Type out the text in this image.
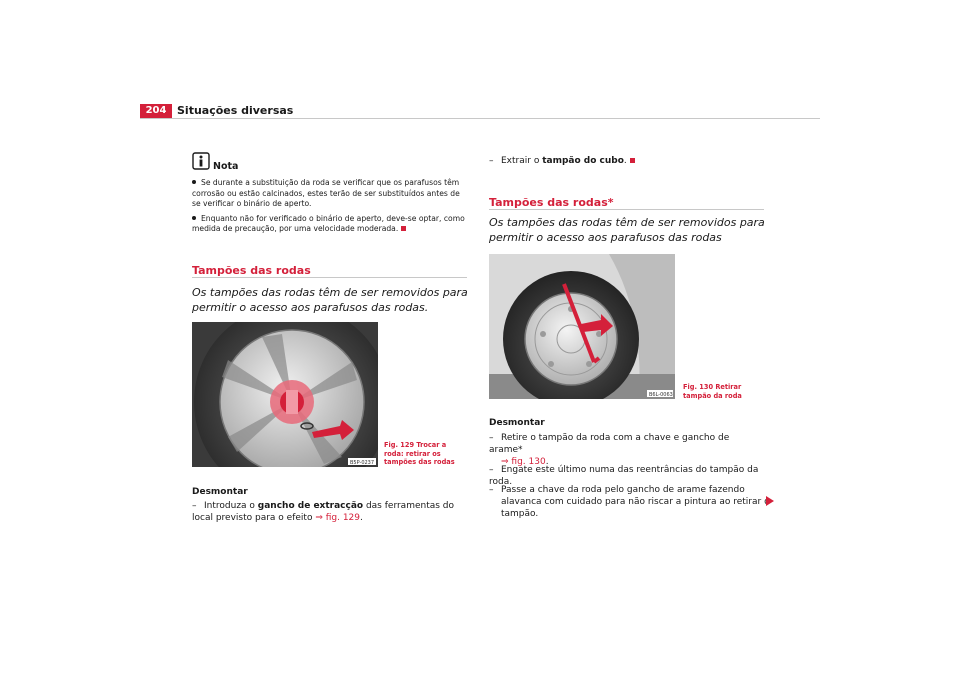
204 Situações diversas
Nota

Se durante a substituição da roda se verificar que os parafusos têm corrosão ou estão calcinados, estes terão de ser substituídos antes de se verificar o binário de aperto.

Enquanto não for verificado o binário de aperto, deve-se optar, como medida de precaução, por uma velocidade moderada.

Tampões das rodas
Os tampões das rodas têm de ser removidos para permitir o acesso aos parafusos das rodas.
B5P-0237
Fig. 129 Trocar a roda: retirar os tampões das rodas
Desmontar
– Introduza o gancho de extracção das ferramentas do local previsto para o efeito ⇒ fig. 129.
– Extrair o tampão do cubo.
Tampões das rodas*
Os tampões das rodas têm de ser removidos para permitir o acesso aos parafusos das rodas
B6L-0063
Fig. 130 Retirar tampão da roda
Desmontar
– Retire o tampão da roda com a chave e gancho de arame*
⇒ fig. 130.
– Engate este último numa das reentrâncias do tampão da roda.
– Passe a chave da roda pelo gancho de arame fazendo alavanca com cuidado para não riscar a pintura ao retirar o tampão.
